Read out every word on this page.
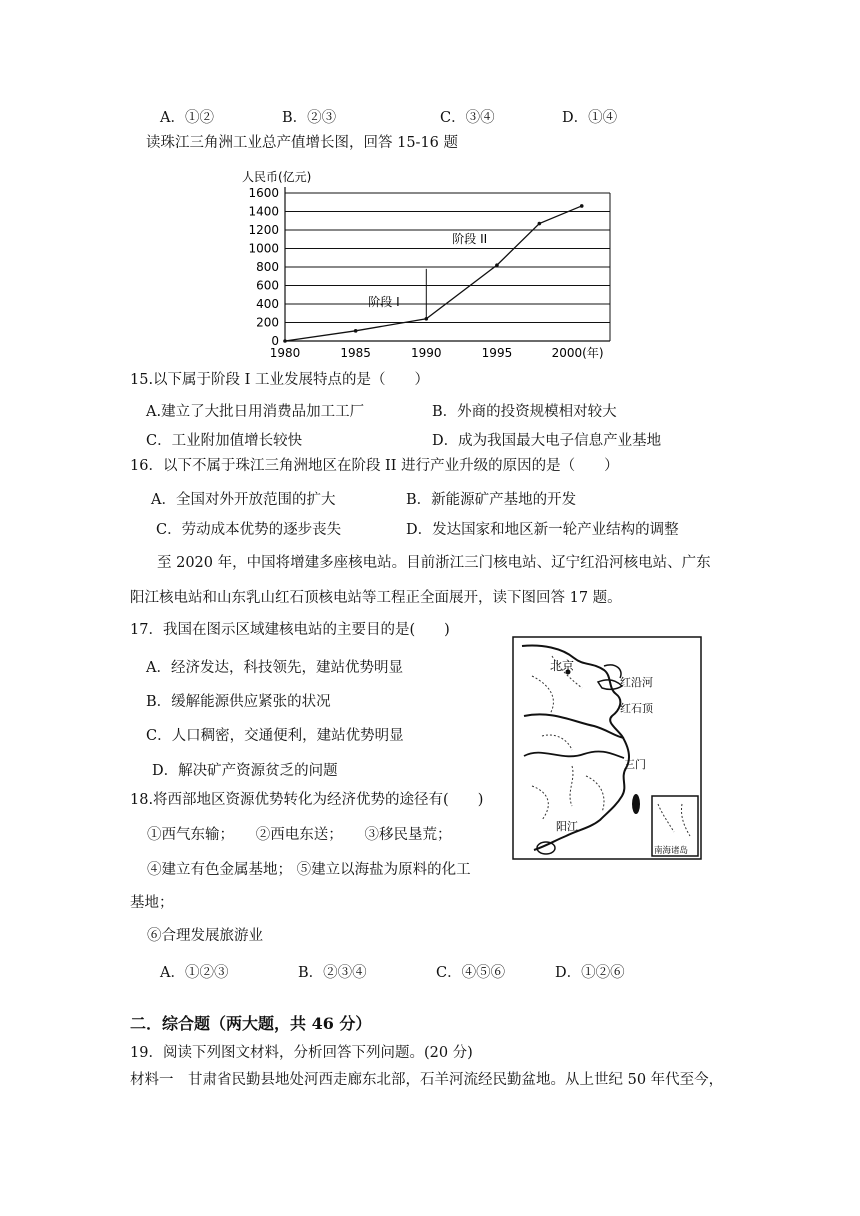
A．①②	B．②③	C．③④	D．①④
读珠江三角洲工业总产值增长图，回答 15-16 题
0
200
400
600
800
1000
1200
1400
1600
1980	1985	1990	1995	2000(年)
人民币(亿元)
阶段 I
阶段 II
15.以下属于阶段 I 工业发展特点的是（　　）
A.建立了大批日用消费品加工工厂	B．外商的投资规模相对较大
C．工业附加值增长较快	D．成为我国最大电子信息产业基地
16．以下不属于珠江三角洲地区在阶段 II 进行产业升级的原因的是（　　）
A．全国对外开放范围的扩大	B．新能源矿产基地的开发
C．劳动成本优势的逐步丧失	D．发达国家和地区新一轮产业结构的调整
至 2020 年，中国将增建多座核电站。目前浙江三门核电站、辽宁红沿河核电站、广东
阳江核电站和山东乳山红石顶核电站等工程正全面展开，读下图回答 17 题。
17．我国在图示区域建核电站的主要目的是(　　)
A．经济发达，科技领先，建站优势明显
B．缓解能源供应紧张的状况
C．人口稠密，交通便利，建站优势明显
D．解决矿产资源贫乏的问题
北京
红沿河
红石顶
三门
阳江
南海诸岛
18.将西部地区资源优势转化为经济优势的途径有(　　)
①西气东输；　　②西电东送；　　③移民垦荒；
④建立有色金属基地； ⑤建立以海盐为原料的化工
基地；
⑥合理发展旅游业
A．①②③	B．②③④	C．④⑤⑥	D．①②⑥
二．综合题（两大题，共 46 分）
19．阅读下列图文材料，分析回答下列问题。(20 分)
材料一　甘肃省民勤县地处河西走廊东北部，石羊河流经民勤盆地。从上世纪 50 年代至今，
